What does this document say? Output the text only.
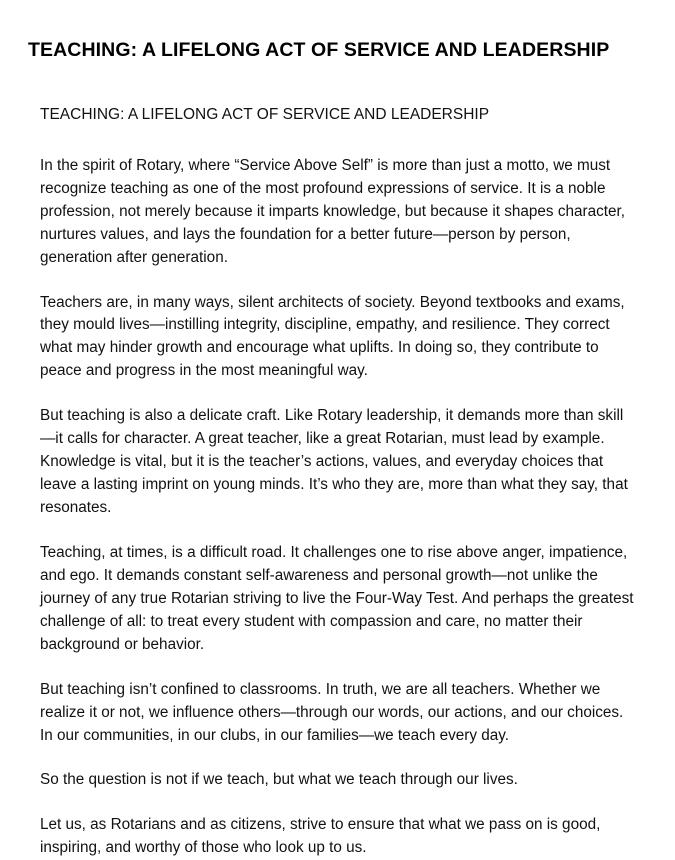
TEACHING: A LIFELONG ACT OF SERVICE AND LEADERSHIP
TEACHING: A LIFELONG ACT OF SERVICE AND LEADERSHIP

In the spirit of Rotary, where “Service Above Self” is more than just a motto, we must recognize teaching as one of the most profound expressions of service. It is a noble profession, not merely because it imparts knowledge, but because it shapes character, nurtures values, and lays the foundation for a better future—person by person, generation after generation.

Teachers are, in many ways, silent architects of society. Beyond textbooks and exams, they mould lives—instilling integrity, discipline, empathy, and resilience. They correct what may hinder growth and encourage what uplifts. In doing so, they contribute to peace and progress in the most meaningful way.

But teaching is also a delicate craft. Like Rotary leadership, it demands more than skill—it calls for character. A great teacher, like a great Rotarian, must lead by example. Knowledge is vital, but it is the teacher’s actions, values, and everyday choices that leave a lasting imprint on young minds. It’s who they are, more than what they say, that resonates.

Teaching, at times, is a difficult road. It challenges one to rise above anger, impatience, and ego. It demands constant self-awareness and personal growth—not unlike the journey of any true Rotarian striving to live the Four-Way Test. And perhaps the greatest challenge of all: to treat every student with compassion and care, no matter their background or behavior.

But teaching isn’t confined to classrooms. In truth, we are all teachers. Whether we realize it or not, we influence others—through our words, our actions, and our choices. In our communities, in our clubs, in our families—we teach every day.

So the question is not if we teach, but what we teach through our lives.

Let us, as Rotarians and as citizens, strive to ensure that what we pass on is good, inspiring, and worthy of those who look up to us.
